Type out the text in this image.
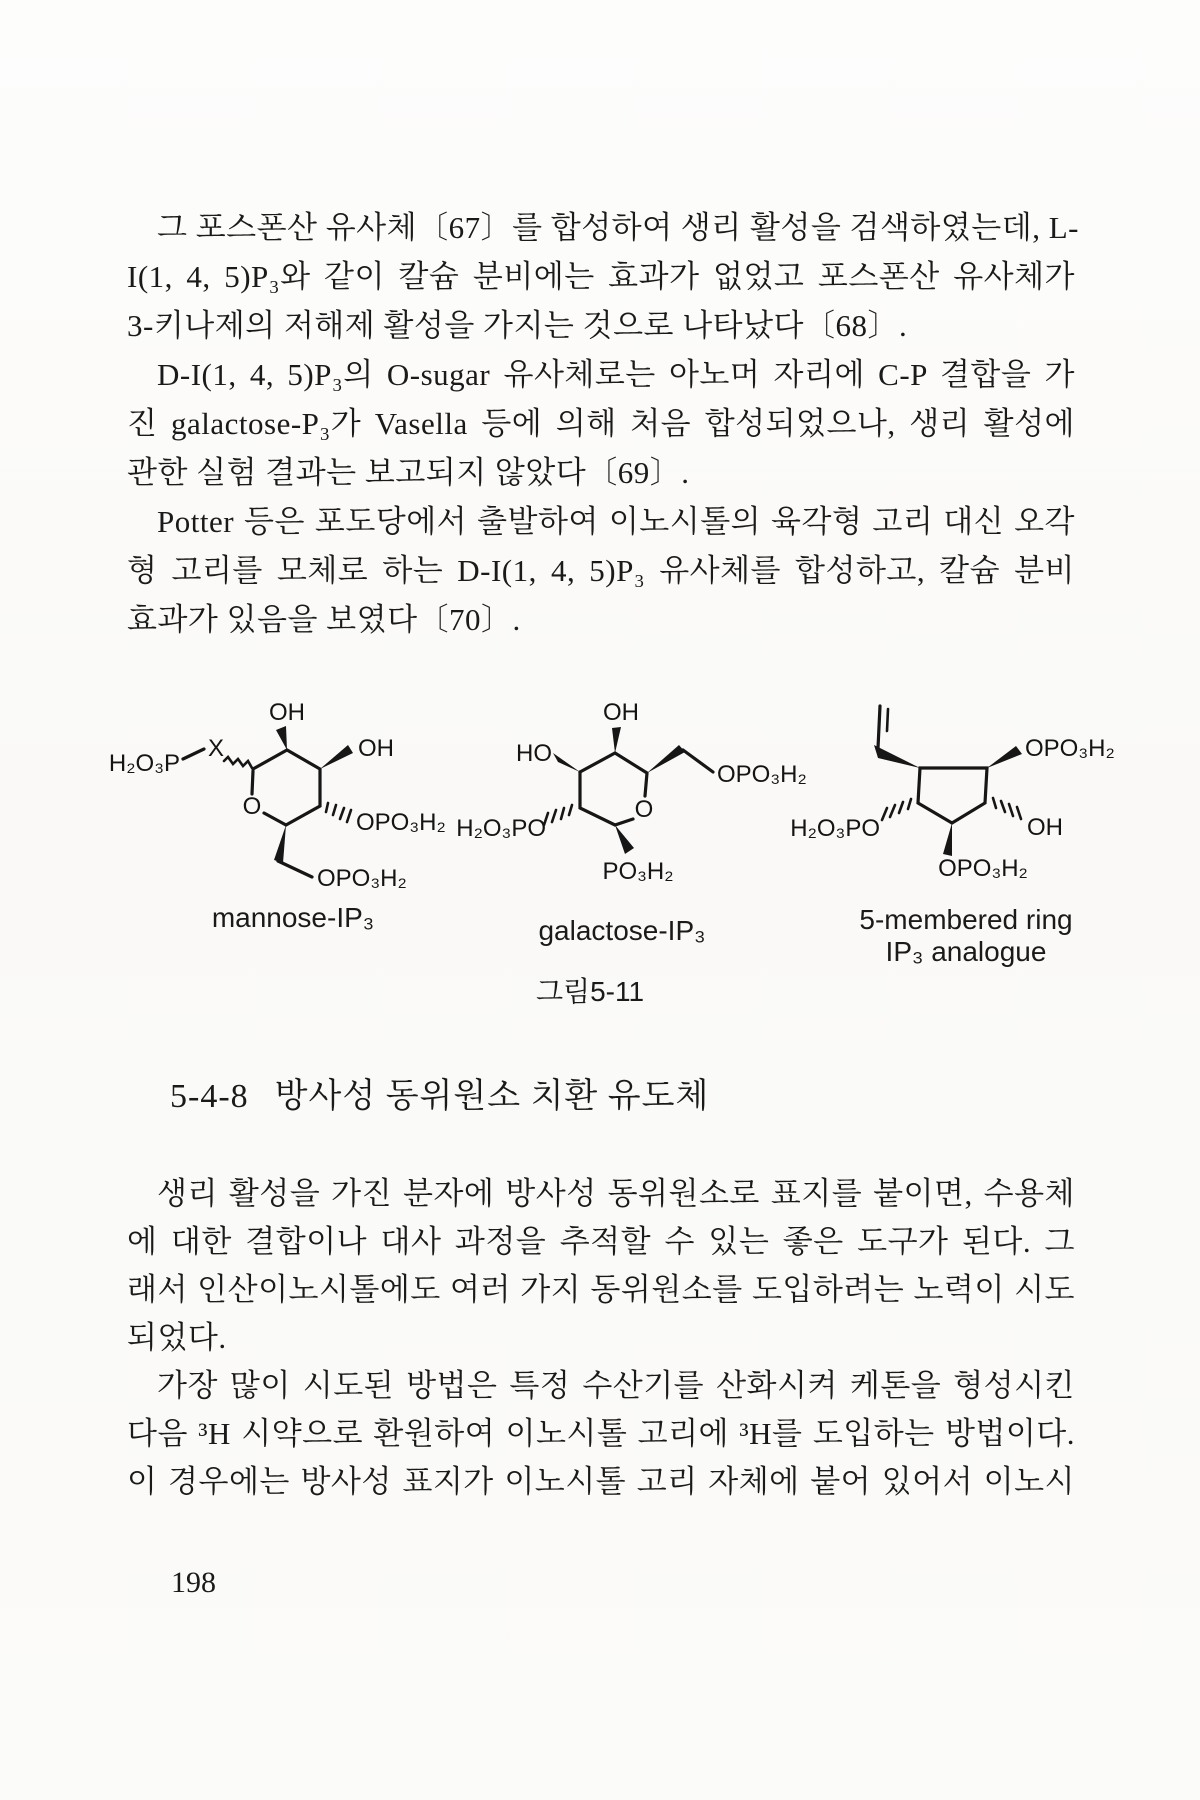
그 포스폰산 유사체〔67〕를 합성하여 생리 활성을 검색하였는데, L-
I(1, 4, 5)P₃와 같이 칼슘 분비에는 효과가 없었고 포스폰산 유사체가
3-키나제의 저해제 활성을 가지는 것으로 나타났다〔68〕.
D-I(1, 4, 5)P₃의 O-sugar 유사체로는 아노머 자리에 C-P 결합을 가
진 galactose-P₃가 Vasella 등에 의해 처음 합성되었으나, 생리 활성에
관한 실험 결과는 보고되지 않았다〔69〕.
Potter 등은 포도당에서 출발하여 이노시톨의 육각형 고리 대신 오각
형 고리를 모체로 하는 D-I(1, 4, 5)P₃ 유사체를 합성하고, 칼슘 분비
효과가 있음을 보였다〔70〕.
O
OH
OH
OPO₃H₂
OPO₃H₂
X
H₂O₃P
mannose-IP₃
O
OH
HO
OPO₃H₂
H₂O₃PO
PO₃H₂
galactose-IP₃
OPO₃H₂
OH
H₂O₃PO
OPO₃H₂
5-membered ring
IP₃ analogue
그림5-11
5-4-8 방사성 동위원소 치환 유도체
생리 활성을 가진 분자에 방사성 동위원소로 표지를 붙이면, 수용체
에 대한 결합이나 대사 과정을 추적할 수 있는 좋은 도구가 된다. 그
래서 인산이노시톨에도 여러 가지 동위원소를 도입하려는 노력이 시도
되었다.
가장 많이 시도된 방법은 특정 수산기를 산화시켜 케톤을 형성시킨
다음 ³H 시약으로 환원하여 이노시톨 고리에 ³H를 도입하는 방법이다.
이 경우에는 방사성 표지가 이노시톨 고리 자체에 붙어 있어서 이노시
198
